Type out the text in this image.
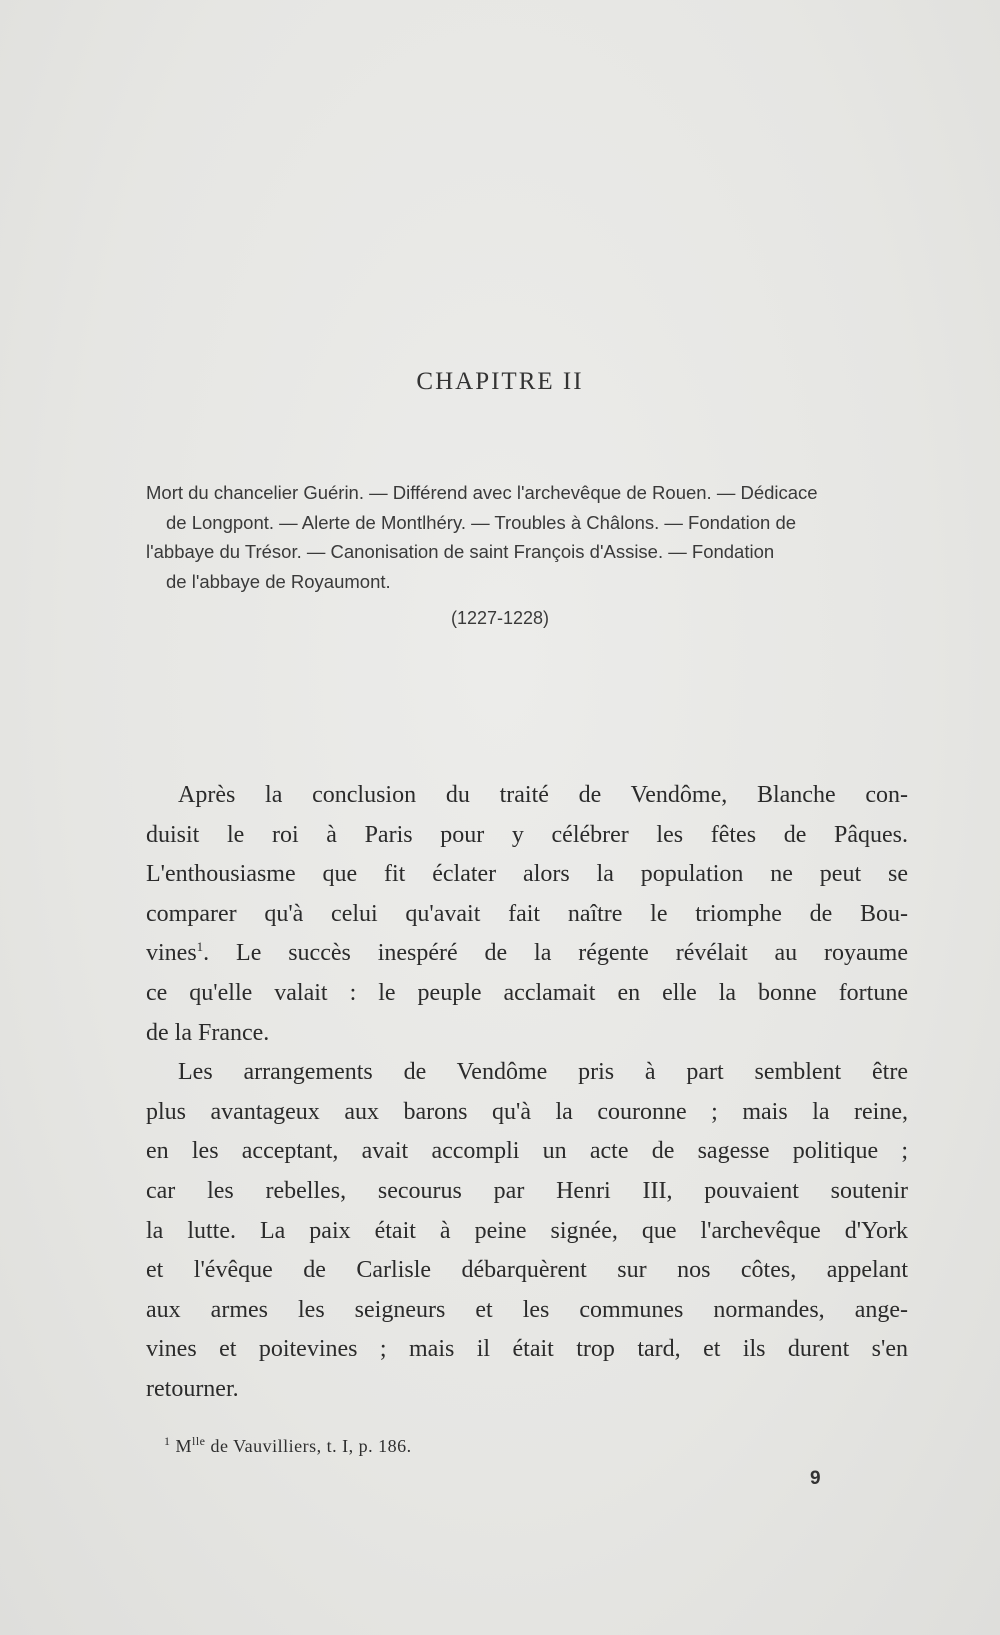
CHAPITRE II
Mort du chancelier Guérin. — Différend avec l'archevêque de Rouen. — Dédicace
de Longpont. — Alerte de Montlhéry. — Troubles à Châlons. — Fondation de
l'abbaye du Trésor. — Canonisation de saint François d'Assise. — Fondation
de l'abbaye de Royaumont.
(1227-1228)

Après la conclusion du traité de Vendôme, Blanche con-
duisit le roi à Paris pour y célébrer les fêtes de Pâques.
L'enthousiasme que fit éclater alors la population ne peut se
comparer qu'à celui qu'avait fait naître le triomphe de Bou-
vines$^1$. Le succès inespéré de la régente révélait au royaume
ce qu'elle valait : le peuple acclamait en elle la bonne fortune
de la France.

Les arrangements de Vendôme pris à part semblent être
plus avantageux aux barons qu'à la couronne ; mais la reine,
en les acceptant, avait accompli un acte de sagesse politique ;
car les rebelles, secourus par Henri III, pouvaient soutenir
la lutte. La paix était à peine signée, que l'archevêque d'York
et l'évêque de Carlisle débarquèrent sur nos côtes, appelant
aux armes les seigneurs et les communes normandes, ange-
vines et poitevines ; mais il était trop tard, et ils durent s'en
retourner.

$^1$ $M^{lle}$ de Vauvilliers, t. I, p. 186.
9
